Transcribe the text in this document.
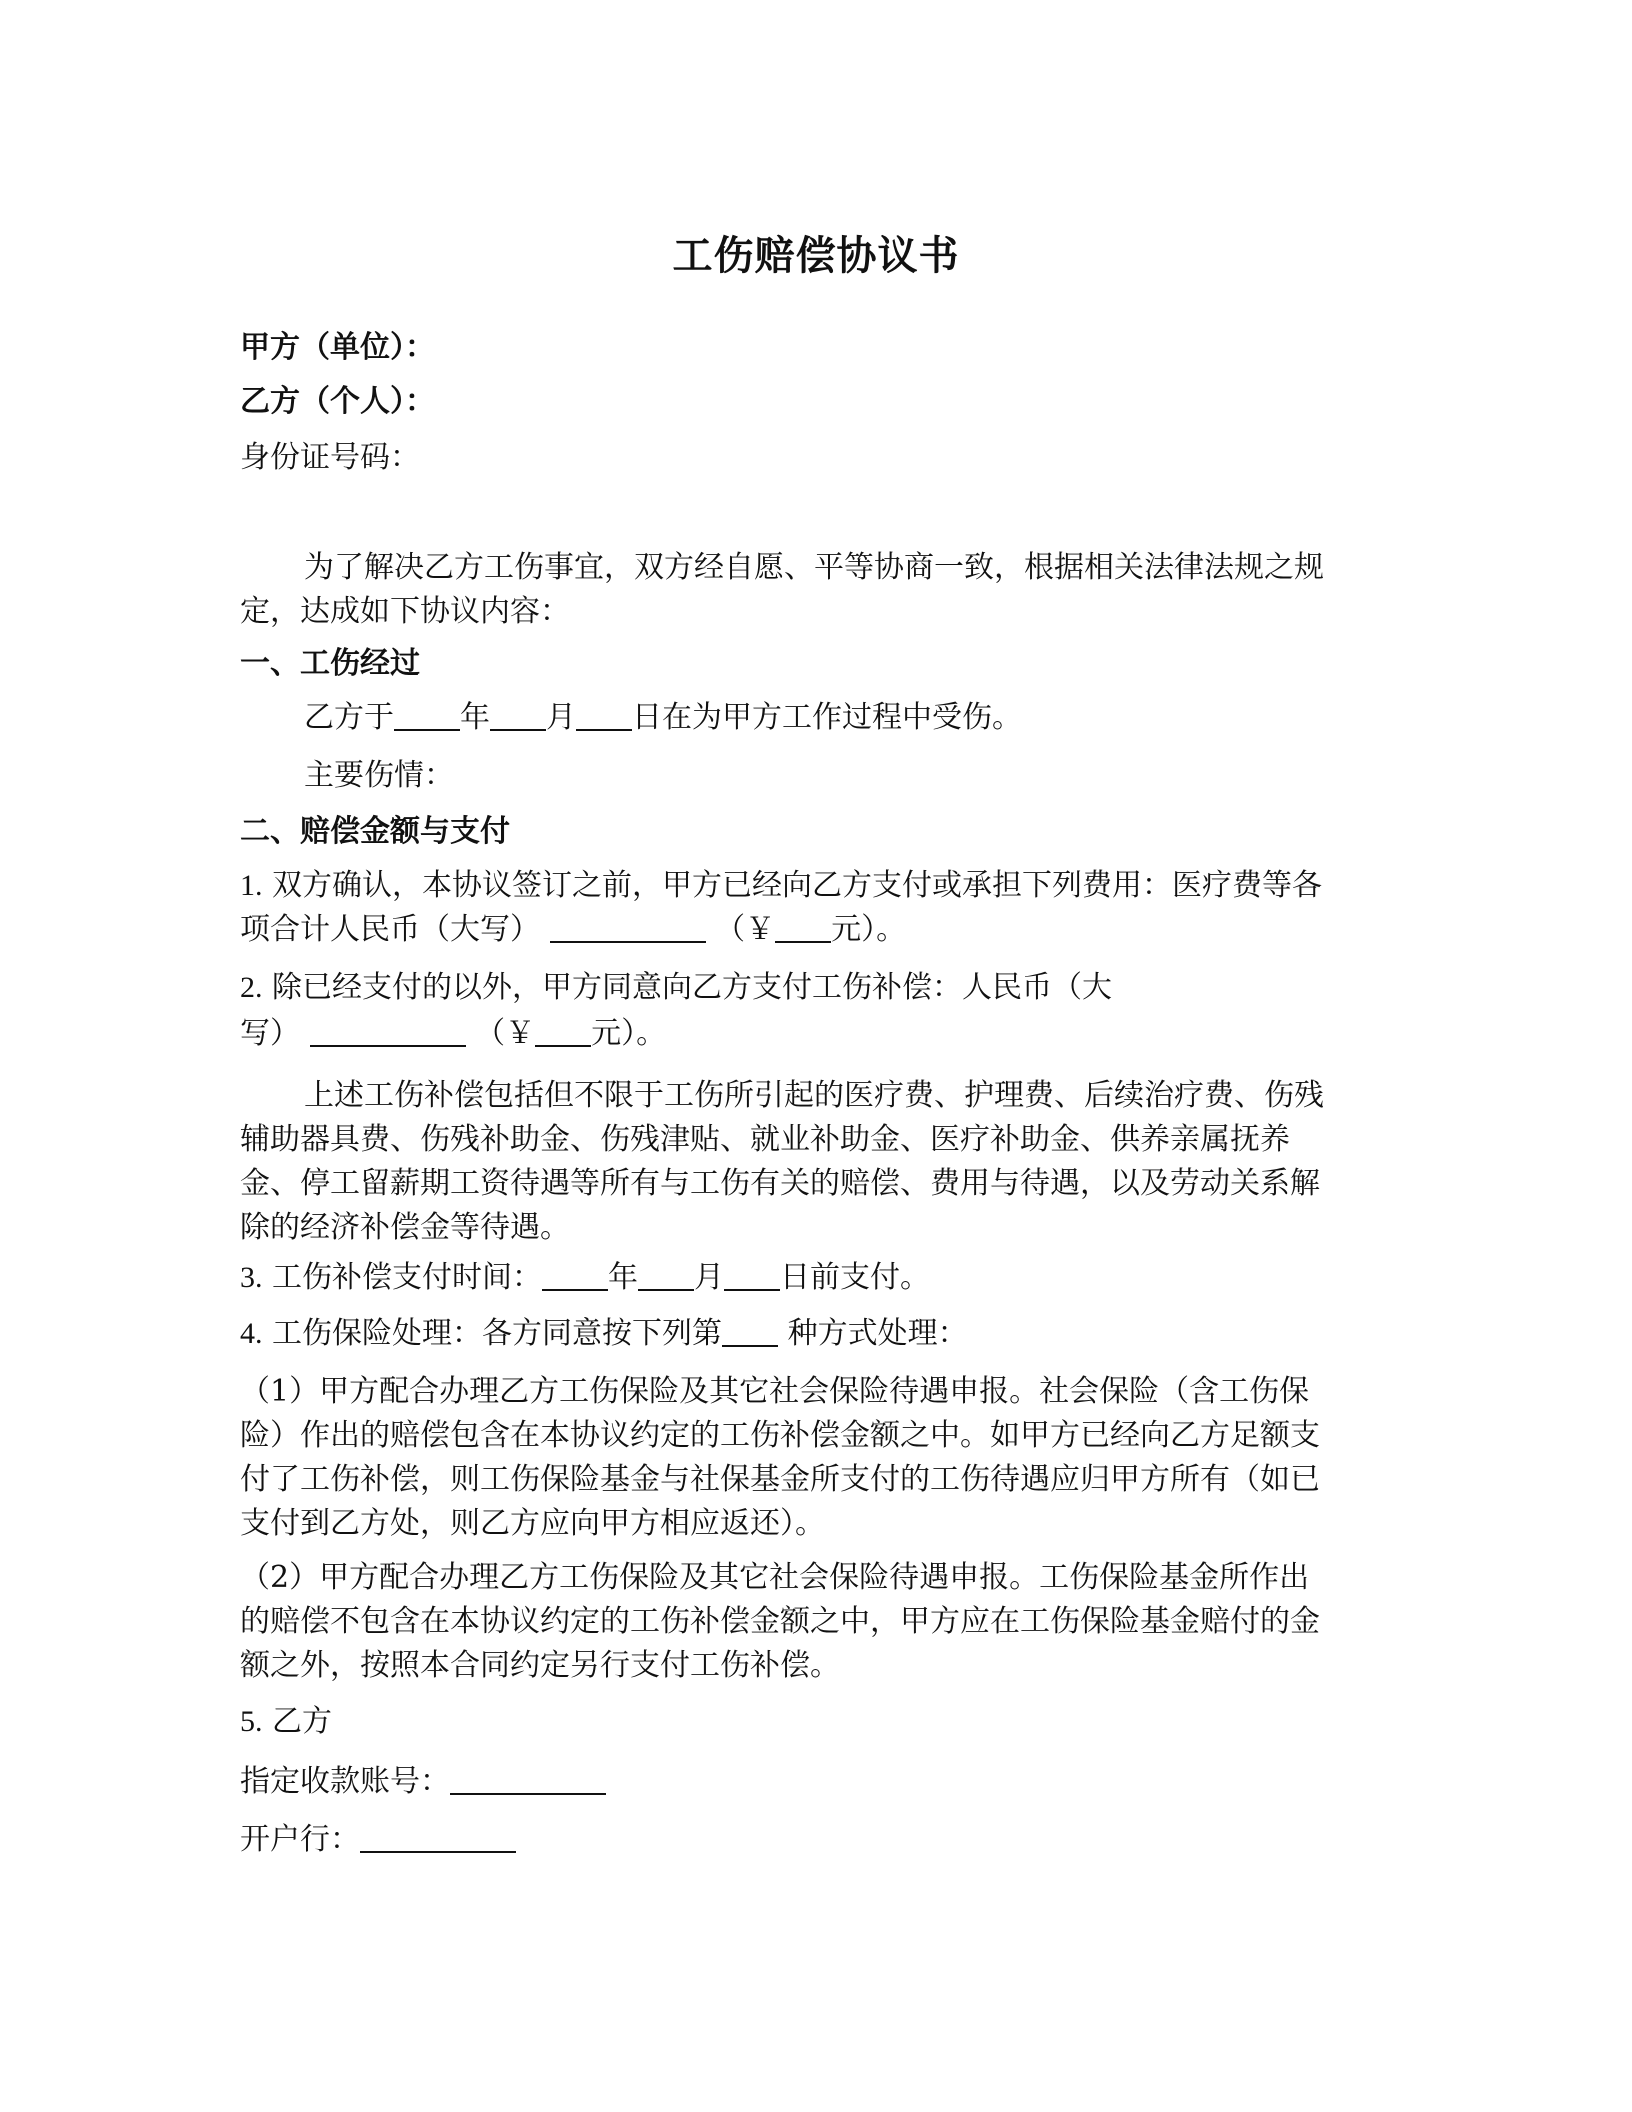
工伤赔偿协议书
甲方（单位）：
乙方（个人）：
身份证号码：
为了解决乙方工伤事宜，双方经自愿、平等协商一致，根据相关法律法规之规
定，达成如下协议内容：
一、工伤经过
乙方于 年 月 日在为甲方工作过程中受伤。
主要伤情：
二、赔偿金额与支付
1. 双方确认，本协议签订之前，甲方已经向乙方支付或承担下列费用：医疗费等各
项合计人民币（大写）	（￥ 元）。
2. 除已经支付的以外，甲方同意向乙方支付工伤补偿：人民币（大
写）	（￥ 元）。
上述工伤补偿包括但不限于工伤所引起的医疗费、护理费、后续治疗费、伤残
辅助器具费、伤残补助金、伤残津贴、就业补助金、医疗补助金、供养亲属抚养
金、停工留薪期工资待遇等所有与工伤有关的赔偿、费用与待遇，以及劳动关系解
除的经济补偿金等待遇。
3. 工伤补偿支付时间： 年 月 日前支付。
4. 工伤保险处理：各方同意按下列第 种方式处理：
（1）甲方配合办理乙方工伤保险及其它社会保险待遇申报。社会保险（含工伤保
险）作出的赔偿包含在本协议约定的工伤补偿金额之中。如甲方已经向乙方足额支
付了工伤补偿，则工伤保险基金与社保基金所支付的工伤待遇应归甲方所有（如已
支付到乙方处，则乙方应向甲方相应返还）。
（2）甲方配合办理乙方工伤保险及其它社会保险待遇申报。工伤保险基金所作出
的赔偿不包含在本协议约定的工伤补偿金额之中，甲方应在工伤保险基金赔付的金
额之外，按照本合同约定另行支付工伤补偿。
5. 乙方
指定收款账号：
开户行：
